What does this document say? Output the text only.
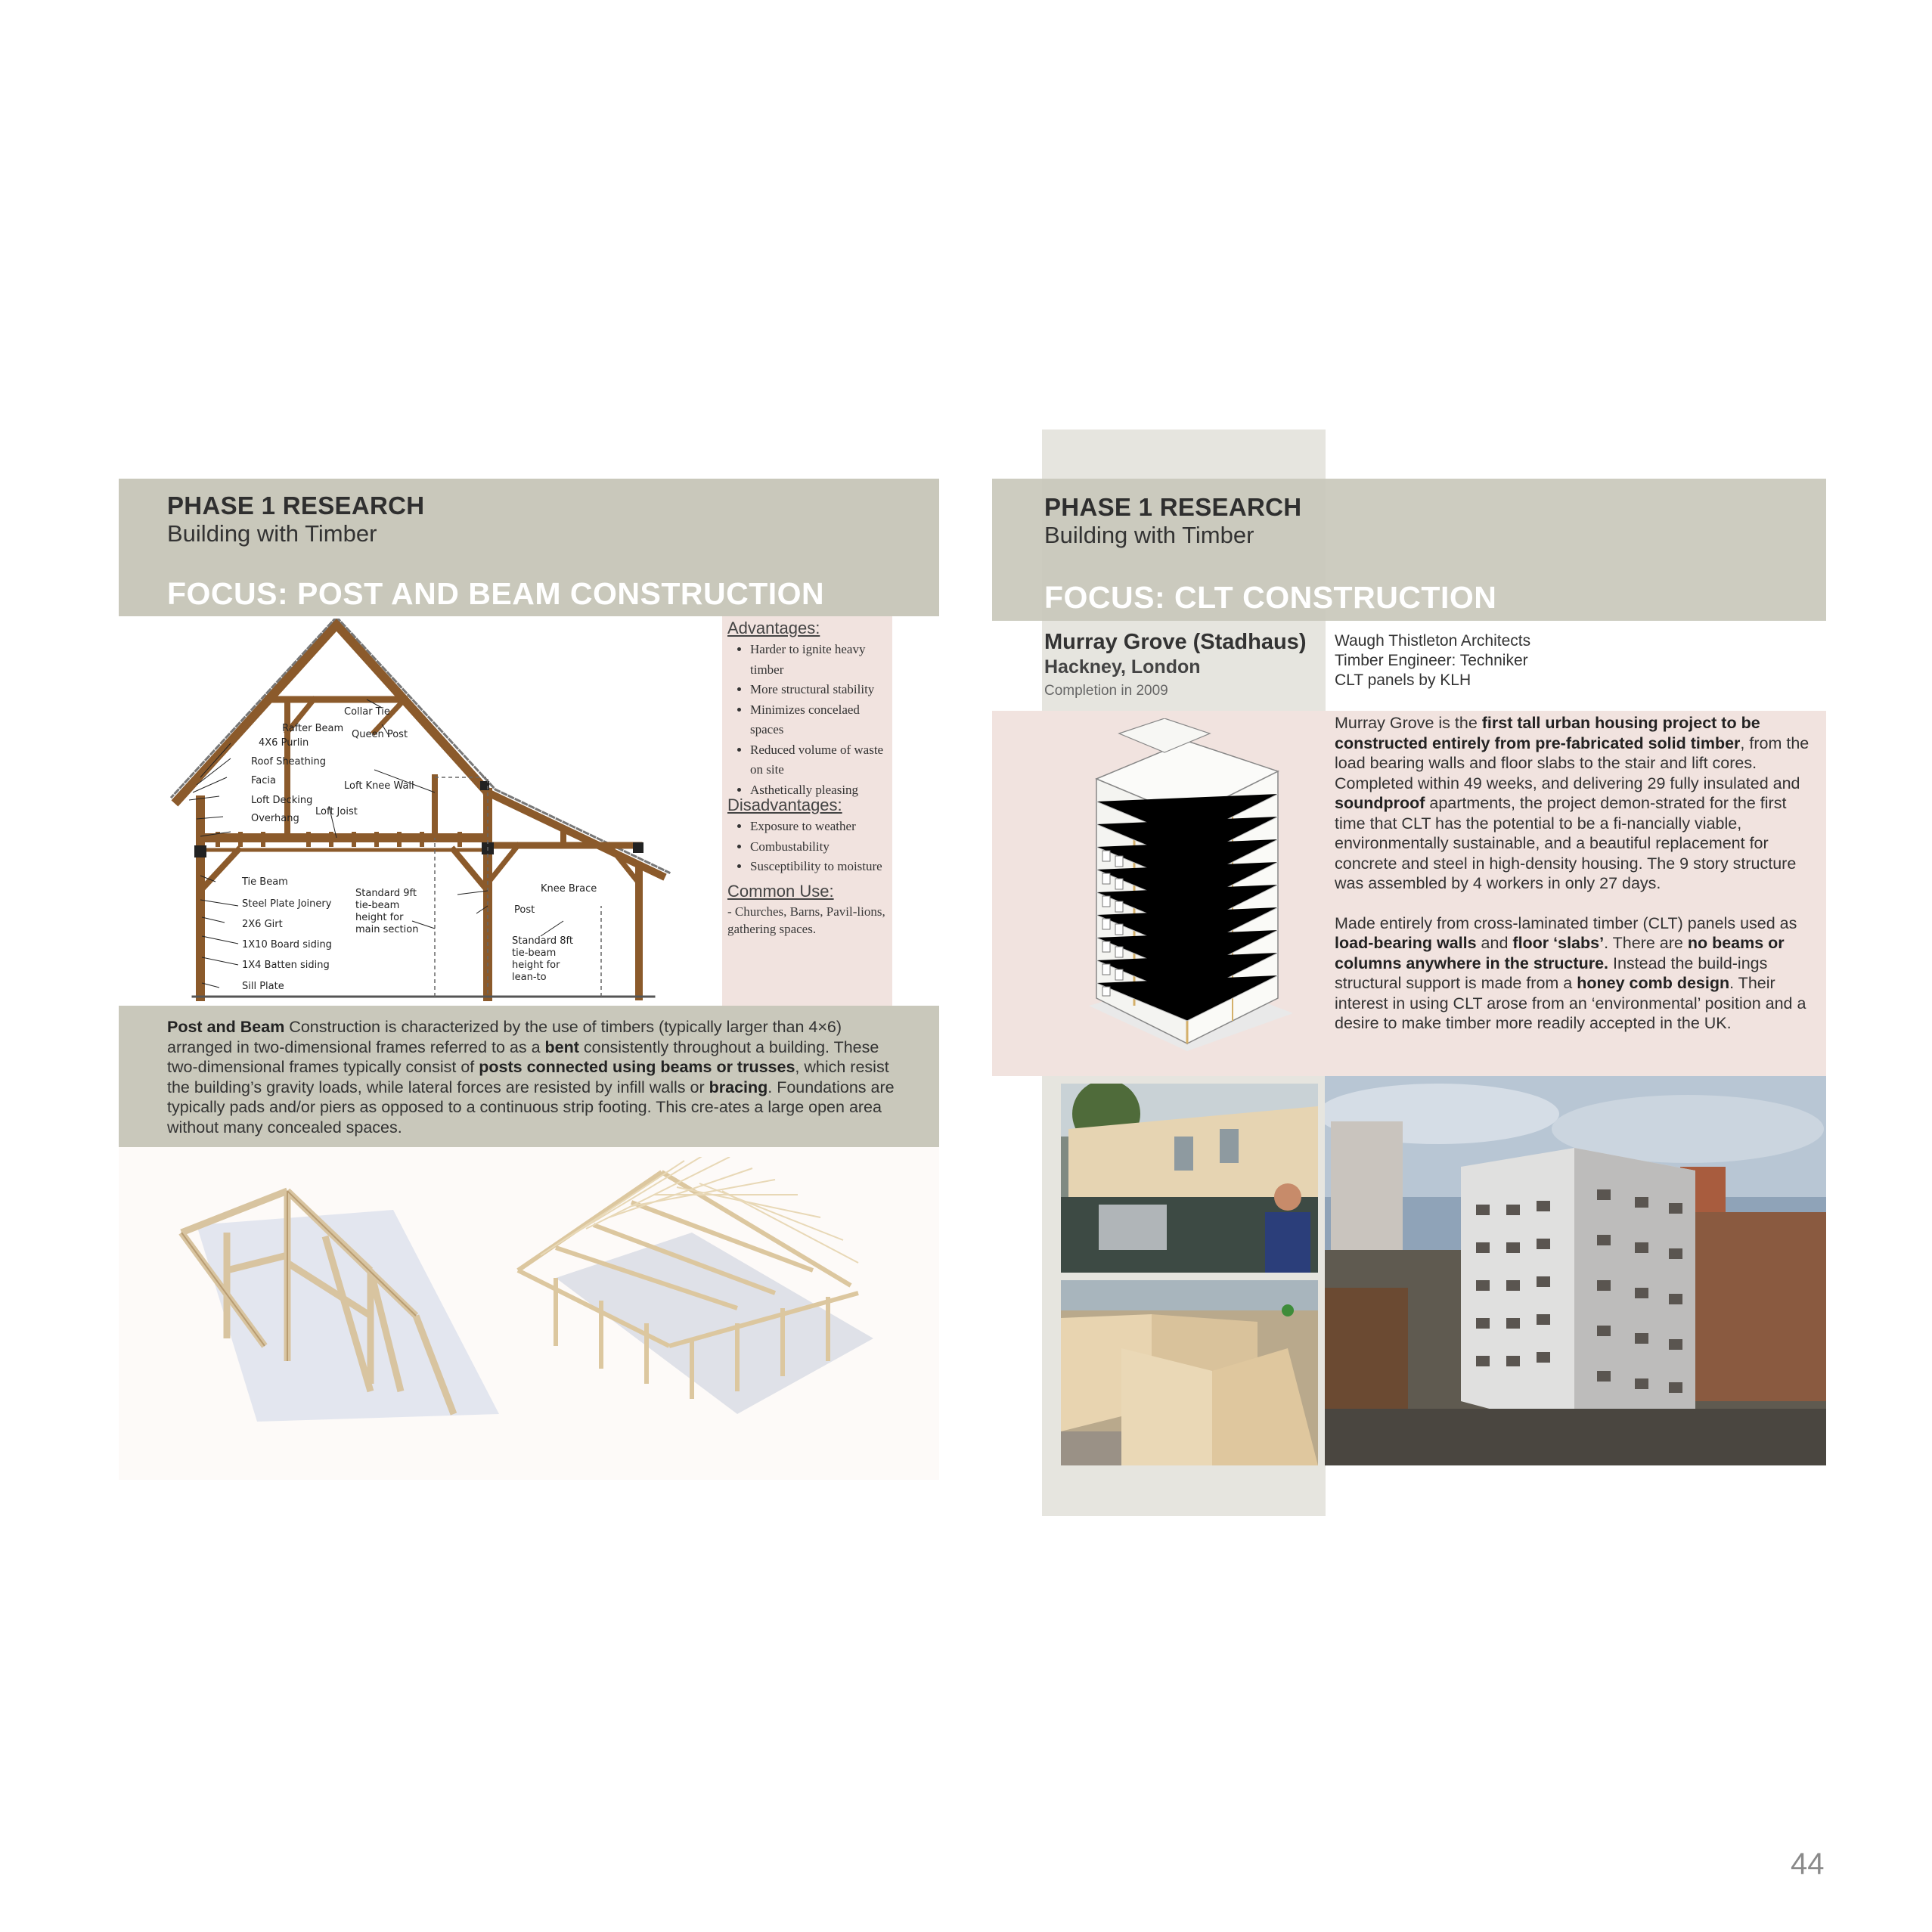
PHASE 1 RESEARCH
Building with Timber
FOCUS: POST AND BEAM CONSTRUCTION
Collar Tie
Rafter Beam
4X6 Purlin
Queen Post
Roof Sheathing
Facia	Loft Knee Wall
Loft Decking
Loft Joist
Overhang
Tie Beam
Steel Plate Joinery
2X6 Girt
1X10 Board siding
1X4 Batten siding
Sill Plate
Standard 9ft
tie-beam
height for
main section
Knee Brace
Post
Standard 8ft
tie-beam
height for
lean-to
Advantages:
• Harder to ignite heavy timber
• More structural stability
• Minimizes concelaed spaces
• Reduced volume of waste on site
• Asthetically pleasing
Disadvantages:
• Exposure to weather
• Combustability
• Susceptibility to moisture
Common Use:
- Churches, Barns, Pavil-lions, gathering spaces.
Post and Beam Construction is characterized by the use of timbers (typically larger than 4×6) arranged in two-dimensional frames referred to as a bent consistently throughout a building. These two-dimensional frames typically consist of posts connected using beams or trusses, which resist the building’s gravity loads, while lateral forces are resisted by infill walls or bracing. Foundations are typically pads and/or piers as opposed to a continuous strip footing. This cre-ates a large open area without many concealed spaces.
PHASE 1 RESEARCH
Building with Timber
FOCUS: CLT CONSTRUCTION
Murray Grove (Stadhaus)
Hackney, London
Completion in 2009
Waugh Thistleton Architects
Timber Engineer: Techniker
CLT panels by KLH

Murray Grove is the first tall urban housing project to be constructed entirely from pre-fabricated solid timber, from the load bearing walls and floor slabs to the stair and lift cores. Completed within 49 weeks, and delivering 29 fully insulated and soundproof apartments, the project demon-strated for the first time that CLT has the potential to be a fi-nancially viable, environmentally sustainable, and a beautiful replacement for concrete and steel in high-density housing. The 9 story structure was assembled by 4 workers in only 27 days.

Made entirely from cross-laminated timber (CLT) panels used as load-bearing walls and floor ‘slabs’. There are no beams or columns anywhere in the structure. Instead the build-ings structural support is made from a honey comb design. Their interest in using CLT arose from an ‘environmental’ position and a desire to make timber more readily accepted in the UK.

44
